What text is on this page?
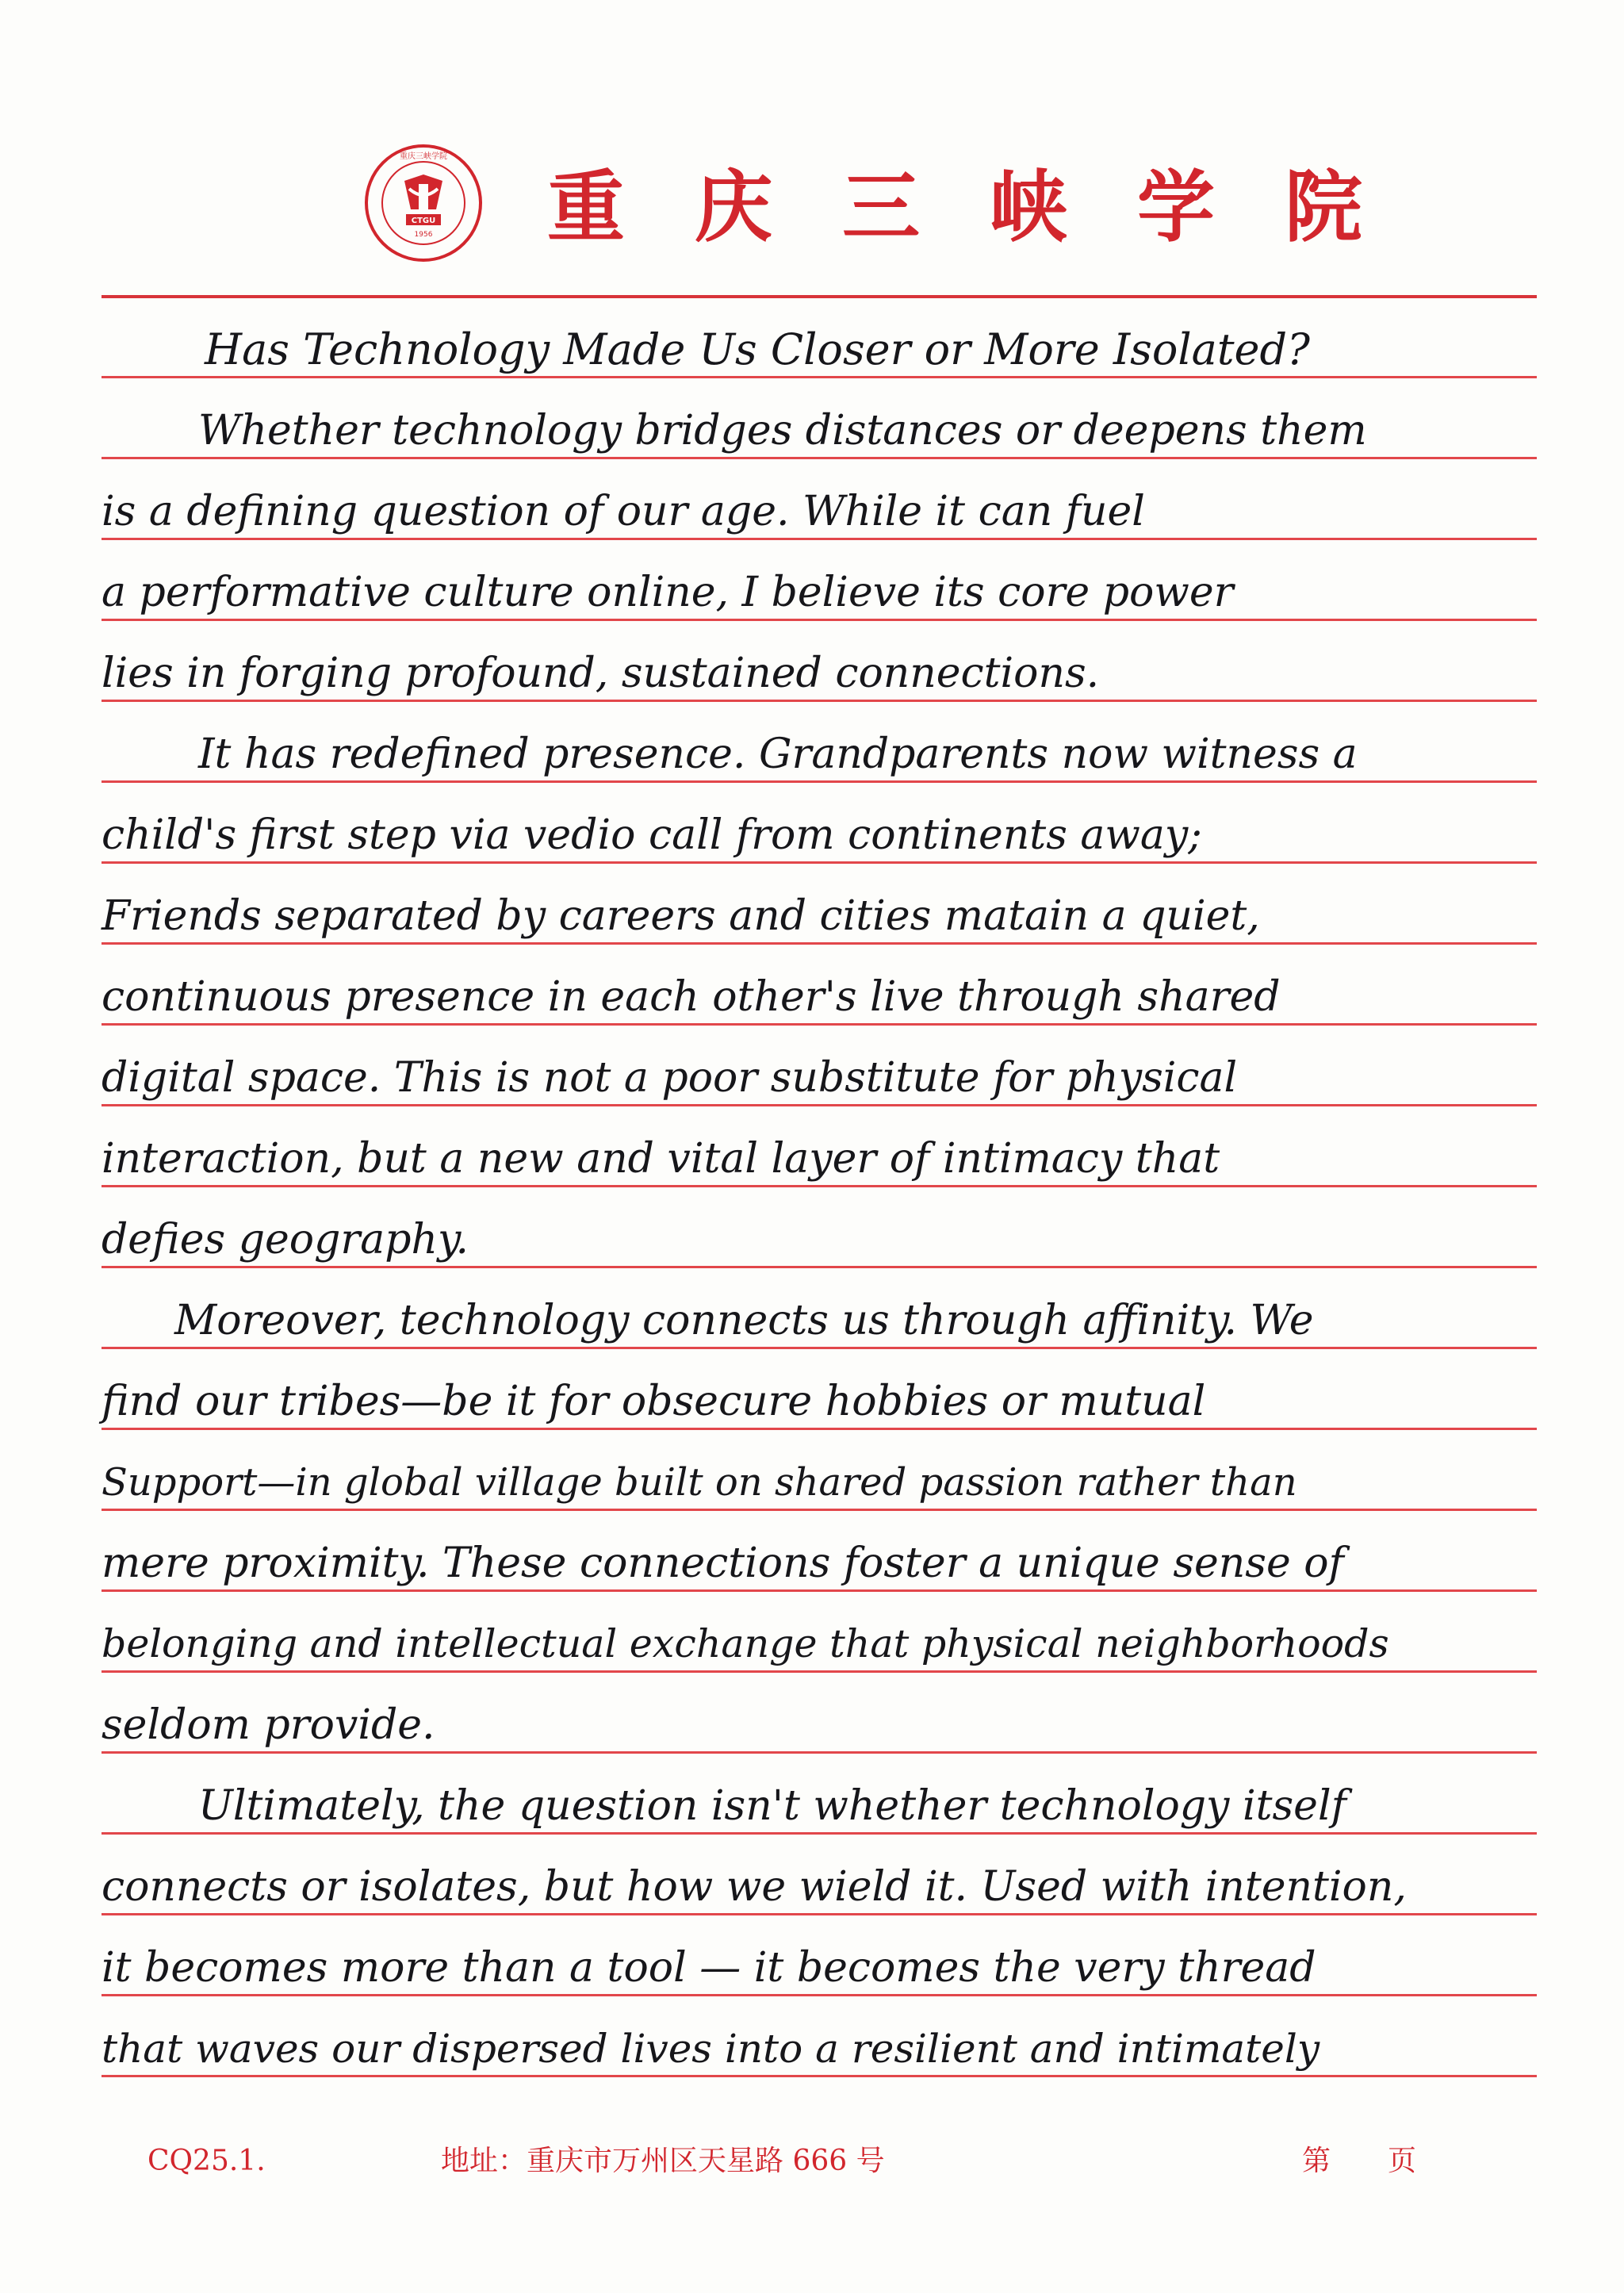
CTGU
1956
重庆三峡学院
重庆三峡学院

Has Technology Made Us Closer or More Isolated?

Whether technology bridges distances or deepens them

is a defining question of our age. While it can fuel

a performative culture online, I believe its core power

lies in forging profound, sustained connections.

It has redefined presence. Grandparents now witness a

child's first step via vedio call from continents away;

Friends separated by careers and cities matain a quiet,

continuous presence in each other's live through shared

digital space. This is not a poor substitute for physical

interaction, but a new and vital layer of intimacy that

defies geography.

Moreover, technology connects us through affinity. We

find our tribes—be it for obsecure hobbies or mutual

Support—in global village built on shared passion rather than

mere proximity. These connections foster a unique sense of

belonging and intellectual exchange that physical neighborhoods

seldom provide.

Ultimately, the question isn't whether technology itself

connects or isolates, but how we wield it. Used with intention,

it becomes more than a tool — it becomes the very thread

that waves our dispersed lives into a resilient and intimately

CQ25.1.	地址：重庆市万州区天星路 666 号	第　　页
